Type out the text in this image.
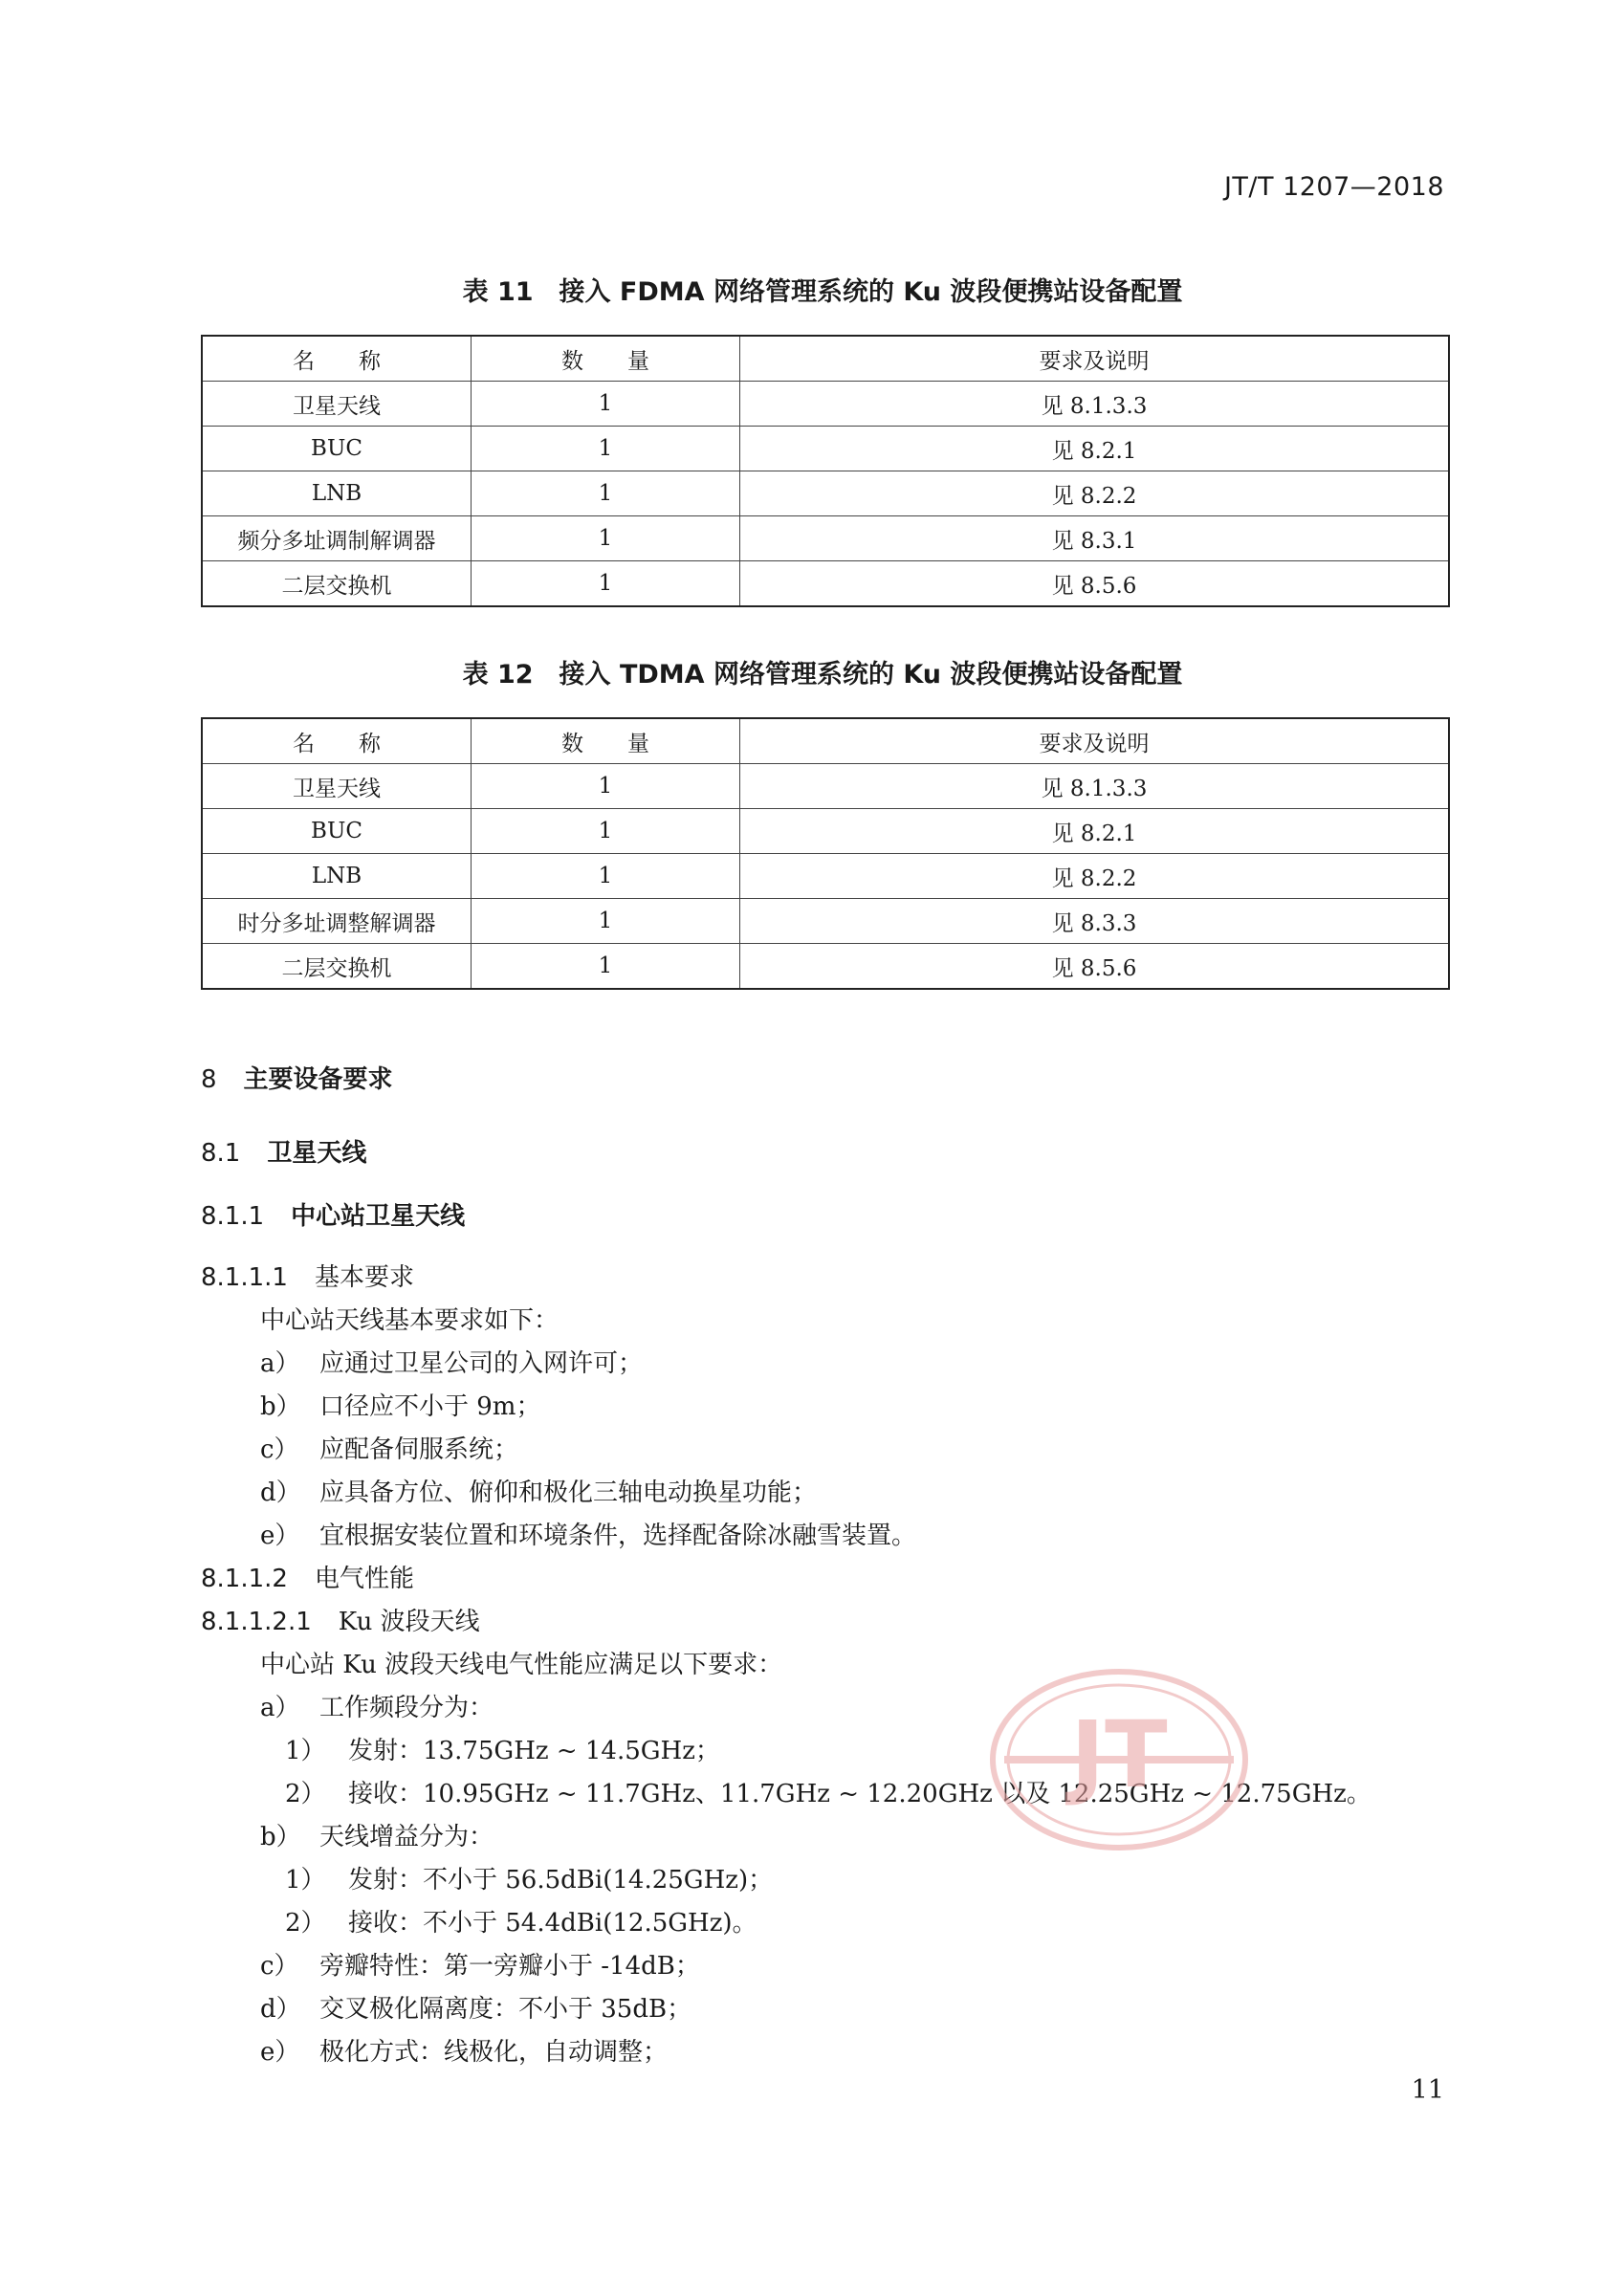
JT/T 1207—2018
表 11　接入 FDMA 网络管理系统的 Ku 波段便携站设备配置
名　　称	数　　量	要求及说明
卫星天线	1	见 8.1.3.3
BUC	1	见 8.2.1
LNB	1	见 8.2.2
频分多址调制解调器	1	见 8.3.1
二层交换机	1	见 8.5.6
表 12　接入 TDMA 网络管理系统的 Ku 波段便携站设备配置
名　　称	数　　量	要求及说明
卫星天线	1	见 8.1.3.3
BUC	1	见 8.2.1
LNB	1	见 8.2.2
时分多址调整解调器	1	见 8.3.3
二层交换机	1	见 8.5.6
8 主要设备要求
8.1 卫星天线
8.1.1 中心站卫星天线
8.1.1.1 基本要求
中心站天线基本要求如下：
a） 应通过卫星公司的入网许可；
b） 口径应不小于 9m；
c） 应配备伺服系统；
d） 应具备方位、俯仰和极化三轴电动换星功能；
e） 宜根据安装位置和环境条件，选择配备除冰融雪装置。
8.1.1.2 电气性能
8.1.1.2.1 Ku 波段天线
中心站 Ku 波段天线电气性能应满足以下要求：
a） 工作频段分为：
1） 发射：13.75GHz ~ 14.5GHz；
2） 接收：10.95GHz ~ 11.7GHz、11.7GHz ~ 12.20GHz 以及 12.25GHz ~ 12.75GHz。
b） 天线增益分为：
1） 发射：不小于 56.5dBi(14.25GHz)；
2） 接收：不小于 54.4dBi(12.5GHz)。
c） 旁瓣特性：第一旁瓣小于 -14dB；
d） 交叉极化隔离度：不小于 35dB；
e） 极化方式：线极化，自动调整；
JT
11
